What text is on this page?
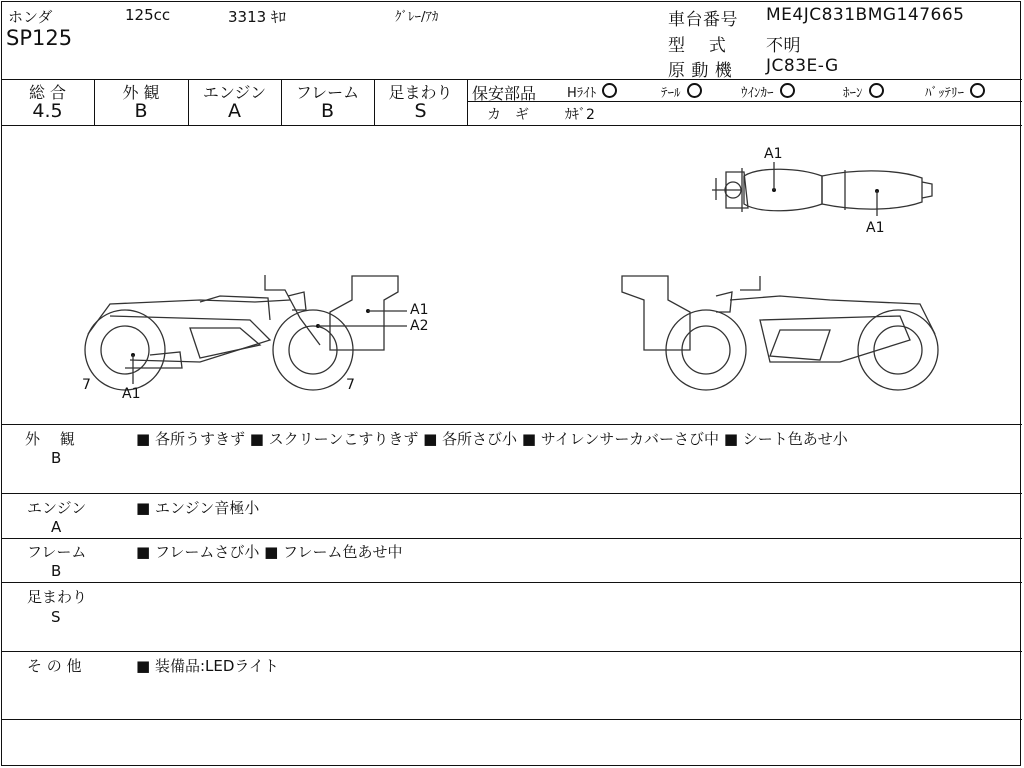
ホンダ	125cc	3313 ｷﾛ	ｸﾞﾚｰ/ｱｶ
SP125
車台番号 ME4JC831BMG147665
型　 式 不明
原 動 機 JC83E-G
総 合
4.5
外 観
B
エンジン
A
フレーム
B
足まわり
S
保安部品 Hﾗｲﾄ	ﾃｰﾙ	ｳｲﾝｶｰ	ﾎｰﾝ	ﾊﾞｯﾃﾘｰ
カ　ギ	ｶｷﾞ2
A1
A1
A1
A2
7
A1
7
外　 観
B
■ 各所うすきず ■ スクリーンこすりきず ■ 各所さび小 ■ サイレンサーカバーさび中 ■ シート色あせ小
エンジン
A
■ エンジン音極小
フレーム
B
■ フレームさび小 ■ フレーム色あせ中
足まわり
S
そ の 他	■ 装備品:LEDライト
